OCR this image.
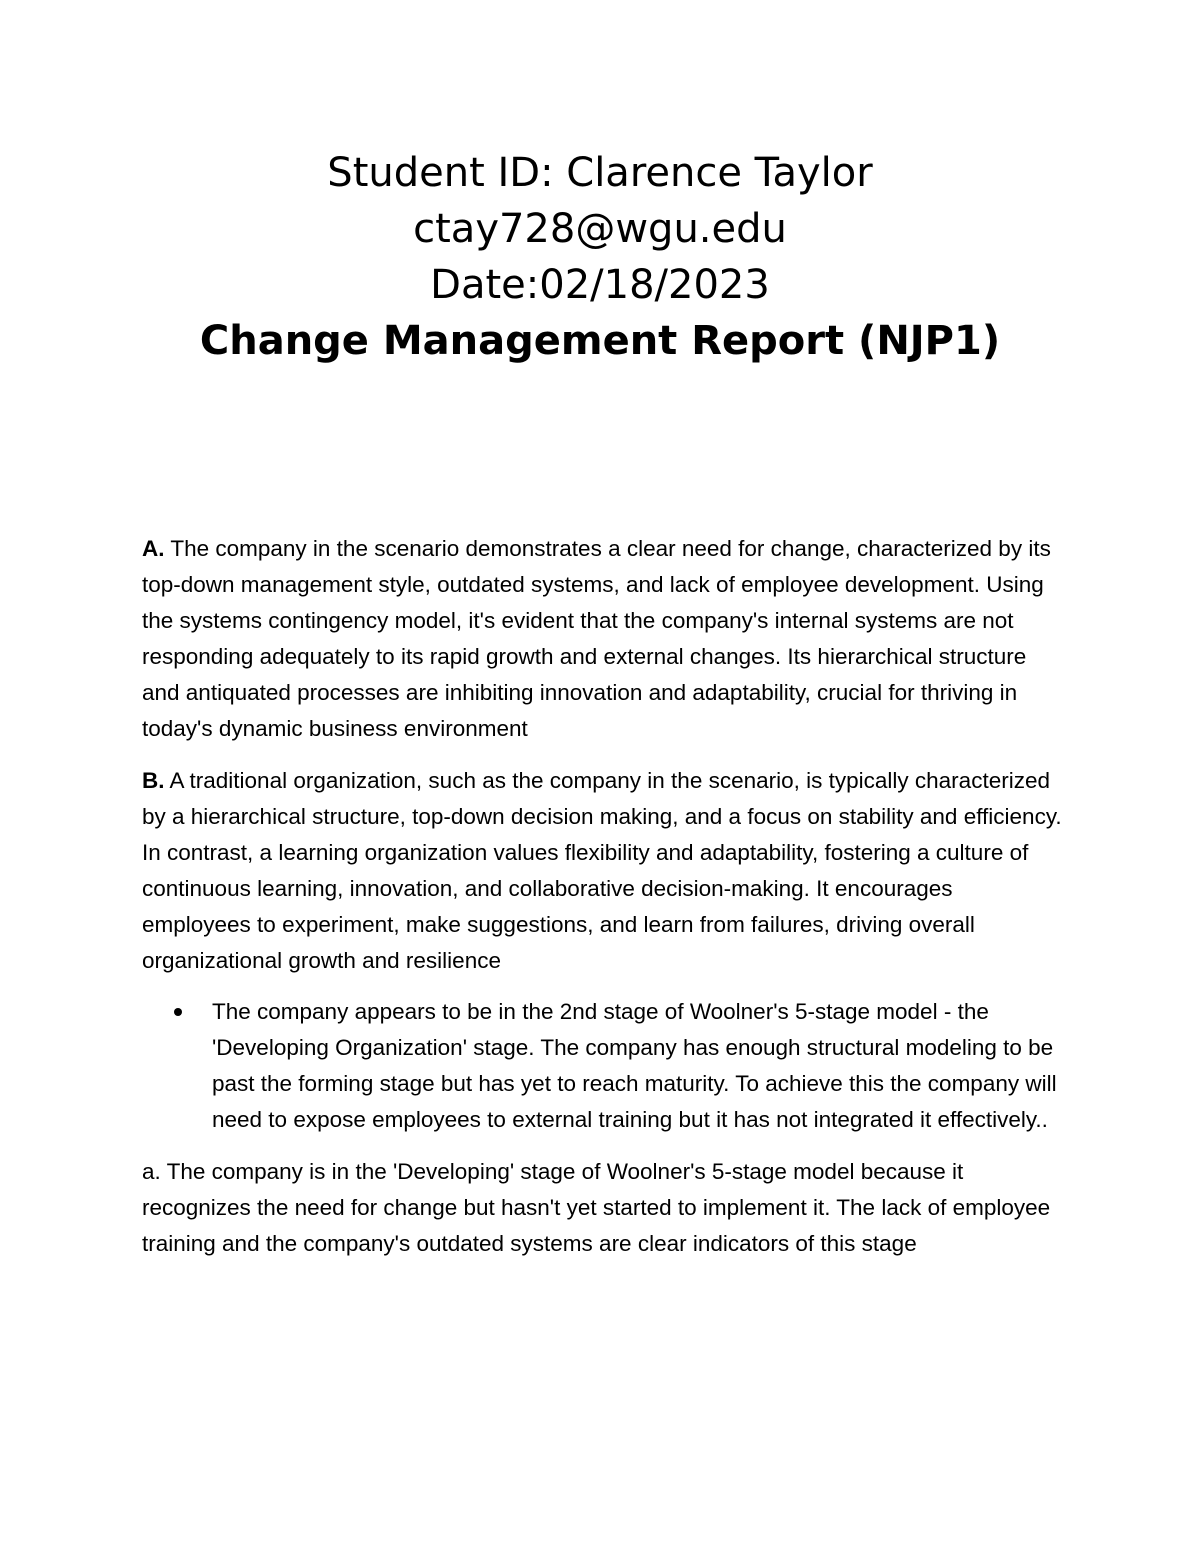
Student ID: Clarence Taylor

ctay728@wgu.edu

Date:02/18/2023

Change Management Report (NJP1)

A. The company in the scenario demonstrates a clear need for change, characterized by its top-down management style, outdated systems, and lack of employee development. Using the systems contingency model, it's evident that the company's internal systems are not responding adequately to its rapid growth and external changes. Its hierarchical structure and antiquated processes are inhibiting innovation and adaptability, crucial for thriving in today's dynamic business environment

B. A traditional organization, such as the company in the scenario, is typically characterized by a hierarchical structure, top-down decision making, and a focus on stability and efficiency. In contrast, a learning organization values flexibility and adaptability, fostering a culture of continuous learning, innovation, and collaborative decision-making. It encourages employees to experiment, make suggestions, and learn from failures, driving overall organizational growth and resilience

The company appears to be in the 2nd stage of Woolner's 5-stage model - the 'Developing Organization' stage. The company has enough structural modeling to be past the forming stage but has yet to reach maturity. To achieve this the company will need to expose employees to external training but it has not integrated it effectively..

a. The company is in the 'Developing' stage of Woolner's 5-stage model because it recognizes the need for change but hasn't yet started to implement it. The lack of employee training and the company's outdated systems are clear indicators of this stage
